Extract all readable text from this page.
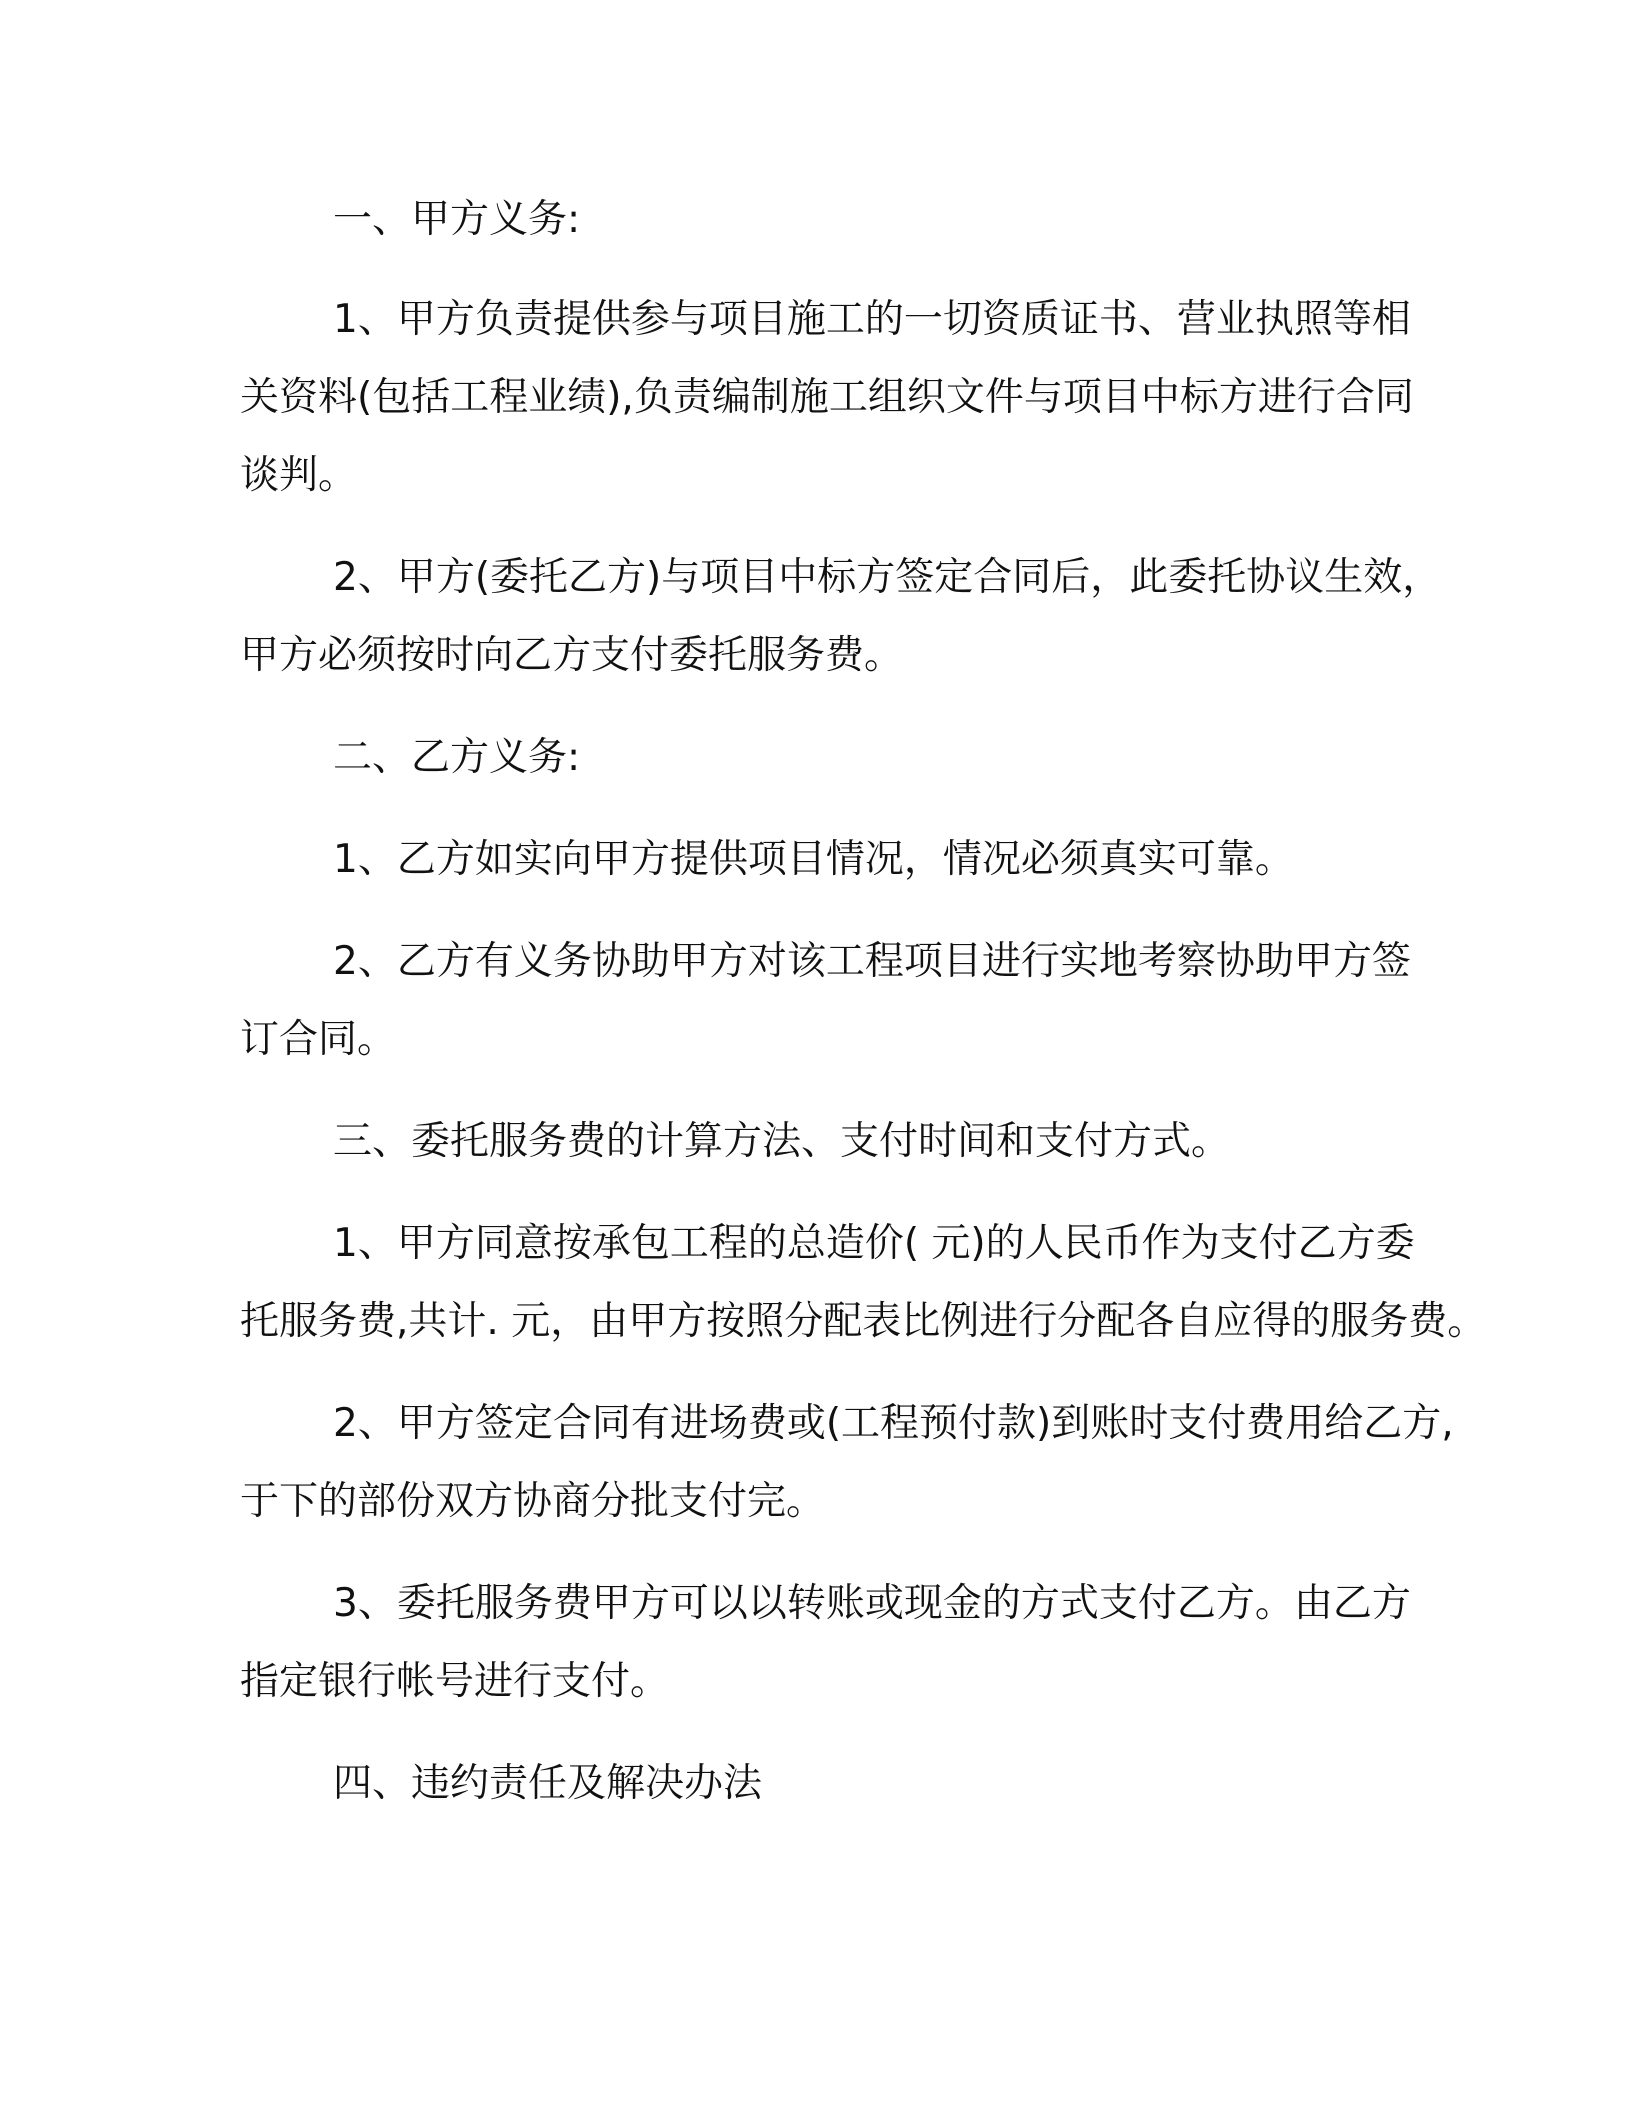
一、甲方义务:
1、甲方负责提供参与项目施工的一切资质证书、营业执照等相
关资料(包括工程业绩),负责编制施工组织文件与项目中标方进行合同
谈判。
2、甲方(委托乙方)与项目中标方签定合同后，此委托协议生效，
甲方必须按时向乙方支付委托服务费。
二、乙方义务:
1、乙方如实向甲方提供项目情况，情况必须真实可靠。
2、乙方有义务协助甲方对该工程项目进行实地考察协助甲方签
订合同。
三、委托服务费的计算方法、支付时间和支付方式。
1、甲方同意按承包工程的总造价( 元)的人民币作为支付乙方委
托服务费,共计. 元，由甲方按照分配表比例进行分配各自应得的服务费。
2、甲方签定合同有进场费或(工程预付款)到账时支付费用给乙方,
于下的部份双方协商分批支付完。
3、委托服务费甲方可以以转账或现金的方式支付乙方。由乙方
指定银行帐号进行支付。
四、违约责任及解决办法
